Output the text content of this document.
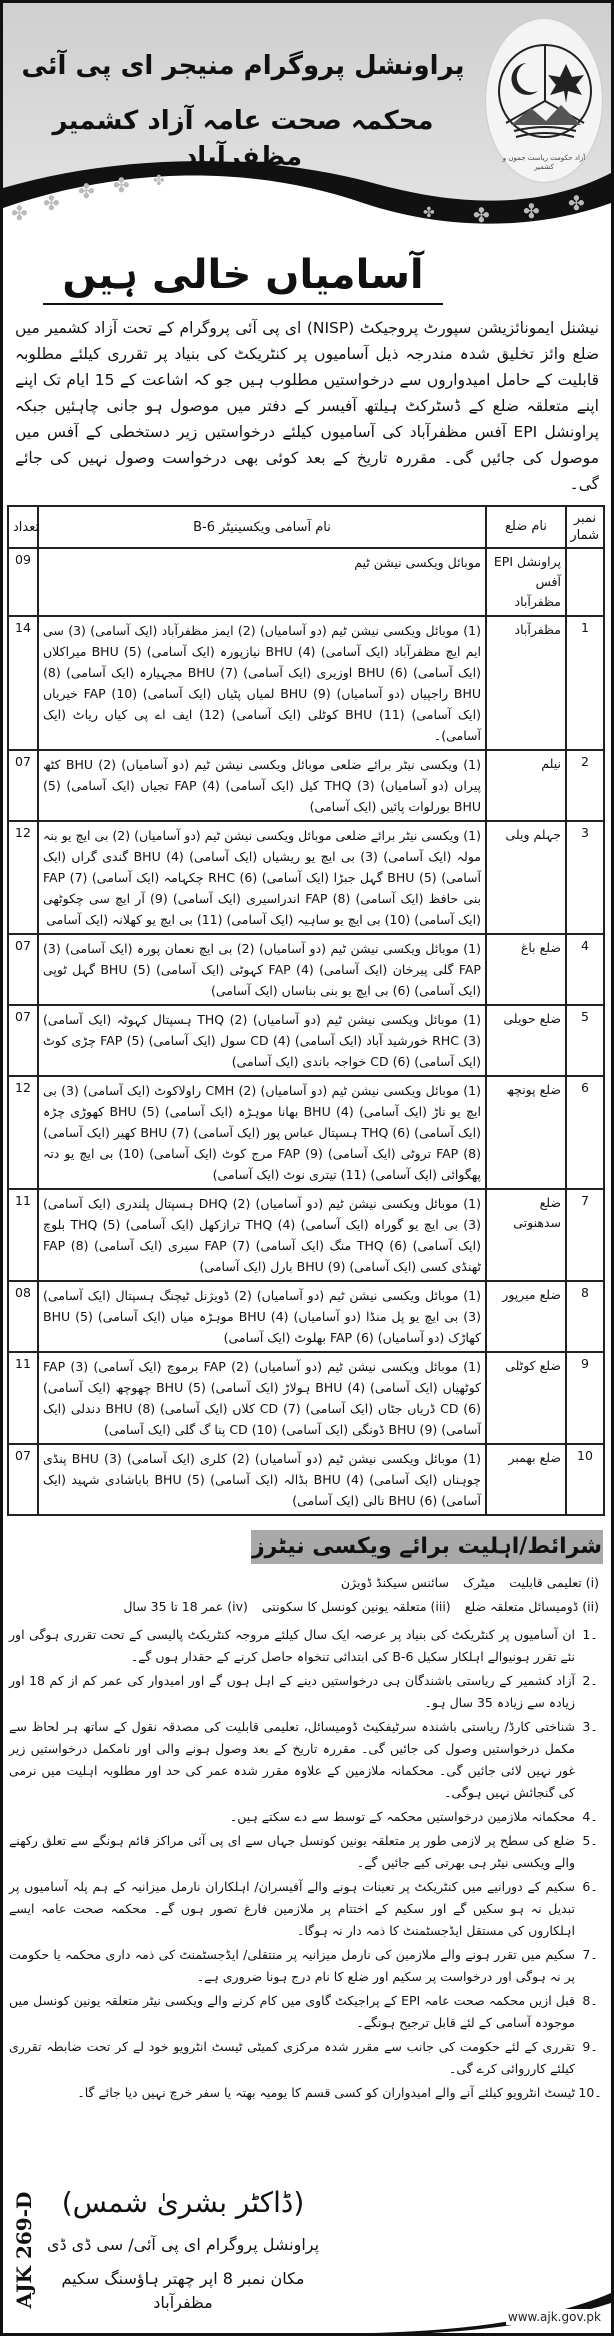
✤ ✤ ✤ ✤ ✤
✤ ✤ ✤ ✤
آزاد حکومت ریاست جموں و کشمیر
پراونشل پروگرام منیجر ای پی آئی
محکمہ صحت عامہ آزاد کشمیر مظفرآباد
آسامیاں خالی ہیں

نیشنل ایمونائزیشن سپورٹ پروجیکٹ (NISP) ای پی آئی پروگرام کے تحت آزاد کشمیر میں ضلع وائز تخلیق شدہ مندرجہ ذیل آسامیوں پر کنٹریکٹ کی بنیاد پر تقرری کیلئے مطلوبہ قابلیت کے حامل امیدواروں سے درخواستیں مطلوب ہیں جو کہ اشاعت کے 15 ایام تک اپنے اپنے متعلقہ ضلع کے ڈسٹرکٹ ہیلتھ آفیسر کے دفتر میں موصول ہو جانی چاہئیں جبکہ پراونشل EPI آفس مظفرآباد کی آسامیوں کیلئے درخواستیں زیر دستخطی کے آفس میں موصول کی جائیں گی۔ مقررہ تاریخ کے بعد کوئی بھی درخواست وصول نہیں کی جائے گی۔

نمبر شمار	نام ضلع	نام آسامی ویکسینیٹر B-6	تعداد
	پراونشل EPI آفس مظفرآباد	موبائل ویکسی نیشن ٹیم	09
1	مظفرآباد	(1) موبائل ویکسی نیشن ٹیم (دو آسامیاں) (2) ایمز مظفرآباد (ایک آسامی) (3) سی ایم ایچ مظفرآباد (ایک آسامی) (4) BHU نیازپورہ (ایک آسامی) (5) BHU میراکلاں (ایک آسامی) (6) BHU اوزیری (ایک آسامی) (7) BHU مجہیارہ (ایک آسامی) (8) BHU راجپیاں (دو آسامیاں) (9) BHU لمیاں پٹیاں (ایک آسامی) (10) FAP خیریاں (ایک آسامی) (11) BHU کوٹلی (ایک آسامی) (12) ایف اے پی کیاں ریاٹ (ایک آسامی)۔	14
2	نیلم	(1) ویکسی نیٹر برائے ضلعی موبائل ویکسی نیشن ٹیم (دو آسامیاں) (2) BHU کٹھ پیراں (دو آسامیاں) (3) THQ کیل (ایک آسامی) (4) FAP تجیاں (ایک آسامی) (5) BHU بورلوات پائیں (ایک آسامی)	07
3	جہلم ویلی	(1) ویکسی نیٹر برائے ضلعی موبائل ویکسی نیشن ٹیم (دو آسامیاں) (2) بی ایچ یو بنہ مولہ (ایک آسامی) (3) بی ایچ یو ریشیاں (ایک آسامی) (4) BHU گندی گراں (ایک آسامی) (5) BHU گہل جبڑا (ایک آسامی) (6) RHC چکہامہ (ایک آسامی) (7) FAP بنی حافظ (ایک آسامی) (8) FAP اندراسیری (ایک آسامی) (9) آر ایچ سی چکوٹھی (ایک آسامی) (10) بی ایچ یو ساہیہ (ایک آسامی) (11) بی ایچ یو کھلانہ (ایک آسامی	12
4	ضلع باغ	(1) موبائل ویکسی نیشن ٹیم (دو آسامیاں) (2) بی ایچ نعمان پورہ (ایک آسامی) (3) FAP گلی پیرخان (ایک آسامی) (4) FAP کہوٹی (ایک آسامی) (5) BHU گہل ٹوپی (ایک آسامی) (6) بی ایچ یو بنی بناساں (ایک آسامی)	07
5	ضلع حویلی	(1) موبائل ویکسی نیشن ٹیم (دو آسامیاں) (2) THQ ہسپتال کہوٹہ (ایک آسامی) (3) RHC خورشید آباد (ایک آسامی) (4) CD سول (ایک آسامی) (5) FAP چڑی کوٹ (ایک آسامی) (6) CD خواجہ باندی (ایک آسامی)	07
6	ضلع پونچھ	(1) موبائل ویکسی نیشن ٹیم (دو آسامیاں) (2) CMH راولاکوٹ (ایک آسامی) (3) بی ایچ یو ناڑ (ایک آسامی) (4) BHU بھانا موہڑہ (ایک آسامی) (5) BHU کھوڑی چڑہ (ایک آسامی) (6) THQ ہسپتال عباس پور (ایک آسامی) (7) BHU کھیر (ایک آسامی) (8) FAP تروٹی (ایک آسامی) (9) FAP مرج کوٹ (ایک آسامی) (10) بی ایچ یو دتہ پھگوائی (ایک آسامی) (11) تیتری نوٹ (ایک آسامی)	12
7	ضلع سدھنوتی	(1) موبائل ویکسی نیشن ٹیم (دو آسامیاں) (2) DHQ ہسپتال پلندری (ایک آسامی) (3) بی ایچ یو گوراہ (ایک آسامی) (4) THQ ترازکھل (ایک آسامی) (5) THQ بلوچ (ایک آسامی) (6) THQ منگ (ایک آسامی) (7) FAP سیری (ایک آسامی) (8) FAP ٹھنڈی کسی (ایک آسامی) (9) BHU بارل (ایک آسامی)	11
8	ضلع میرپور	(1) موبائل ویکسی نیشن ٹیم (دو آسامیاں) (2) ڈویژنل ٹیچنگ ہسپتال (ایک آسامی) (3) بی ایچ یو پل منڈا (دو آسامیاں) (4) BHU موہڑہ میاں (ایک آسامی) (5) BHU کھاڑک (دو آسامیاں) (6) FAP بھلوٹ (ایک آسامی)	08
9	ضلع کوٹلی	(1) موبائل ویکسی نیشن ٹیم (دو آسامیاں) (2) FAP برموچ (ایک آسامی) (3) FAP کوٹھیاں (ایک آسامی) (4) BHU ہولاڑ (ایک آسامی) (5) BHU چھوچھ (ایک آسامی) (6) CD ڈریاں جٹاں (ایک آسامی) (7) CD کلاں (ایک آسامی) (8) BHU دندلی (ایک آسامی) (9) BHU ڈونگی (ایک آسامی) (10) CD پنا گ گلی (ایک آسامی)	11
10	ضلع بھمبر	(1) موبائل ویکسی نیشن ٹیم (دو آسامیاں) (2) کلری (ایک آسامی) (3) BHU پنڈی چوہناں (ایک آسامی) (4) BHU بڈالہ (ایک آسامی) (5) BHU باباشادی شہید (ایک آسامی) (6) BHU نالی (ایک آسامی)	07
شرائط/اہلیت برائے ویکسی نیٹرز
(i) تعلیمی قابلیت
میٹرک
سائنس سیکنڈ ڈویژن
(ii) ڈومیسائل متعلقہ ضلع
(iii) متعلقہ یونین کونسل کا سکونتی
(iv) عمر 18 تا 35 سال
1۔
ان آسامیوں پر کنٹریکٹ کی بنیاد پر عرصہ ایک سال کیلئے مروجہ کنٹریکٹ پالیسی کے تحت تقرری ہوگی اور نئے تقرر ہونیوالے اہلکار سکیل B-6 کی ابتدائی تنخواہ حاصل کرنے کے حقدار ہوں گے۔
2۔
آزاد کشمیر کے ریاستی باشندگان ہی درخواستیں دینے کے اہل ہوں گے اور امیدوار کی عمر کم از کم 18 اور زیادہ سے زیادہ 35 سال ہو۔
3۔
شناختی کارڈ/ ریاستی باشندہ سرٹیفکیٹ ڈومیسائل، تعلیمی قابلیت کی مصدقہ نقول کے ساتھ ہر لحاظ سے مکمل درخواستیں وصول کی جائیں گی۔ مقررہ تاریخ کے بعد وصول ہونے والی اور نامکمل درخواستیں زیر غور نہیں لائی جائیں گی۔ محکمانہ ملازمین کے علاوہ مقرر شدہ عمر کی حد اور مطلوبہ اہلیت میں نرمی کی گنجائش نہیں ہوگی۔
4۔
محکمانہ ملازمین درخواستیں محکمہ کے توسط سے دے سکتے ہیں۔
5۔
ضلع کی سطح پر لازمی طور پر متعلقہ یونین کونسل جہاں سے ای پی آئی مراکز قائم ہونگے سے تعلق رکھنے والے ویکسی نیٹر ہی بھرتی کیے جائیں گے۔
6۔
سکیم کے دورانیے میں کنٹریکٹ پر تعینات ہونے والے آفیسران/ اہلکاران نارمل میزانیہ کے ہم پلہ آسامیوں پر تبدیل نہ ہو سکیں گے اور سکیم کے اختتام پر ملازمین فارغ تصور ہوں گے۔ محکمہ صحت عامہ ایسے اہلکاروں کی مستقل ایڈجسٹمنٹ کا ذمہ دار نہ ہوگا۔
7۔
سکیم میں تقرر ہونے والے ملازمین کی نارمل میزانیہ پر منتقلی/ ایڈجسٹمنٹ کی ذمہ داری محکمہ یا حکومت پر نہ ہوگی اور درخواست پر سکیم اور ضلع کا نام درج ہونا ضروری ہے۔
8۔
قبل ازیں محکمہ صحت عامہ EPI کے پراجیکٹ گاوی میں کام کرنے والے ویکسی نیٹر متعلقہ یونین کونسل میں موجودہ آسامی کے لئے قابل ترجیح ہونگے۔
9۔
تقرری کے لئے حکومت کی جانب سے مقرر شدہ مرکزی کمیٹی ٹیسٹ انٹرویو خود لے کر تحت ضابطہ تقرری کیلئے کارروائی کرے گی۔
10۔
ٹیسٹ انٹرویو کیلئے آنے والے امیدواران کو کسی قسم کا یومیہ بھتہ یا سفر خرچ نہیں دیا جائے گا۔
AJK 269-D (ڈاکٹر بشریٰ شمس)
پراونشل پروگرام ای پی آئی/ سی ڈی ڈی
مکان نمبر 8 اپر چھتر ہاؤسنگ سکیم مظفرآباد
www.ajk.gov.pk
